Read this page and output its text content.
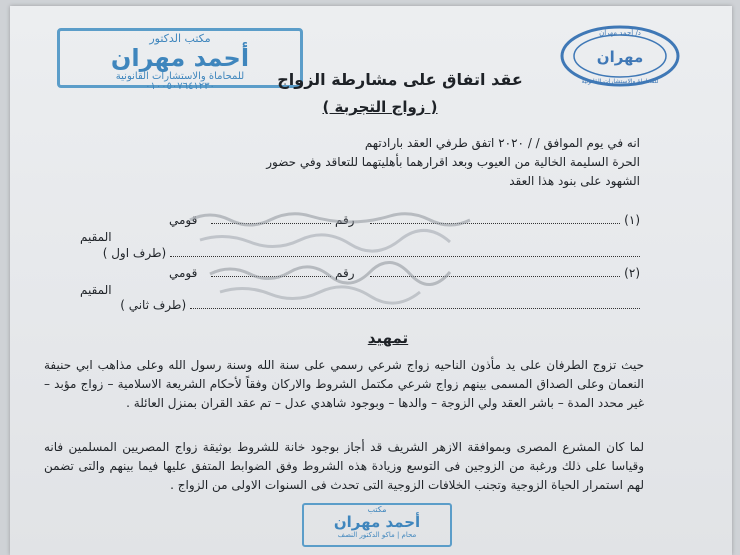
مكتب الدكتور
أحمد مهران
للمحاماة والاستشارات القانونية
٠١٠٠٥٠٧٦٤١٢٣٠
مهران
د/ أحمد مهران
للمحاماة والاستشارات القانونية
عقد اتفاق على مشارطة الزواج
( زواج التجربة )
انه في يوم الموافق / / ٢٠٢٠ اتفق طرفي العقد بارادتهم
الحرة السليمة الخالية من العيوب وبعد اقرارهما بأهليتهما للتعاقد وفي حضور
الشهود على بنود هذا العقد
(١)  رقم  قومي
المقيم
(طرف اول )
(٢)  رقم  قومي
المقيم
(طرف ثاني )
تمهيد
حيث تزوج الطرفان على يد مأذون الناحيه زواج شرعي رسمي على سنة الله وسنة رسول الله وعلى مذاهب ابي حنيفة النعمان وعلى الصداق المسمى بينهم زواج شرعي مكتمل الشروط والاركان وفقاً لأحكام الشريعة الاسلامية – زواج مؤبد – غير محدد المدة – باشر العقد ولي الزوجة – والدها – وبوجود شاهدي عدل – تم عقد القران بمنزل العائلة .
لما كان المشرع المصرى وبموافقة الازهر الشريف قد أجاز بوجود خانة للشروط بوثيقة زواج المصريين المسلمين فانه وقياسا على ذلك ورغبة من الزوجين فى التوسع وزيادة هذه الشروط وفق الضوابط المتفق عليها فيما بينهم والتى تضمن لهم استمرار الحياة الزوجية وتجنب الخلافات الزوجية التى تحدث فى السنوات الاولى من الزواج .
مكتب
أحمد مهران
محام | ماكو الدكتور النصف
